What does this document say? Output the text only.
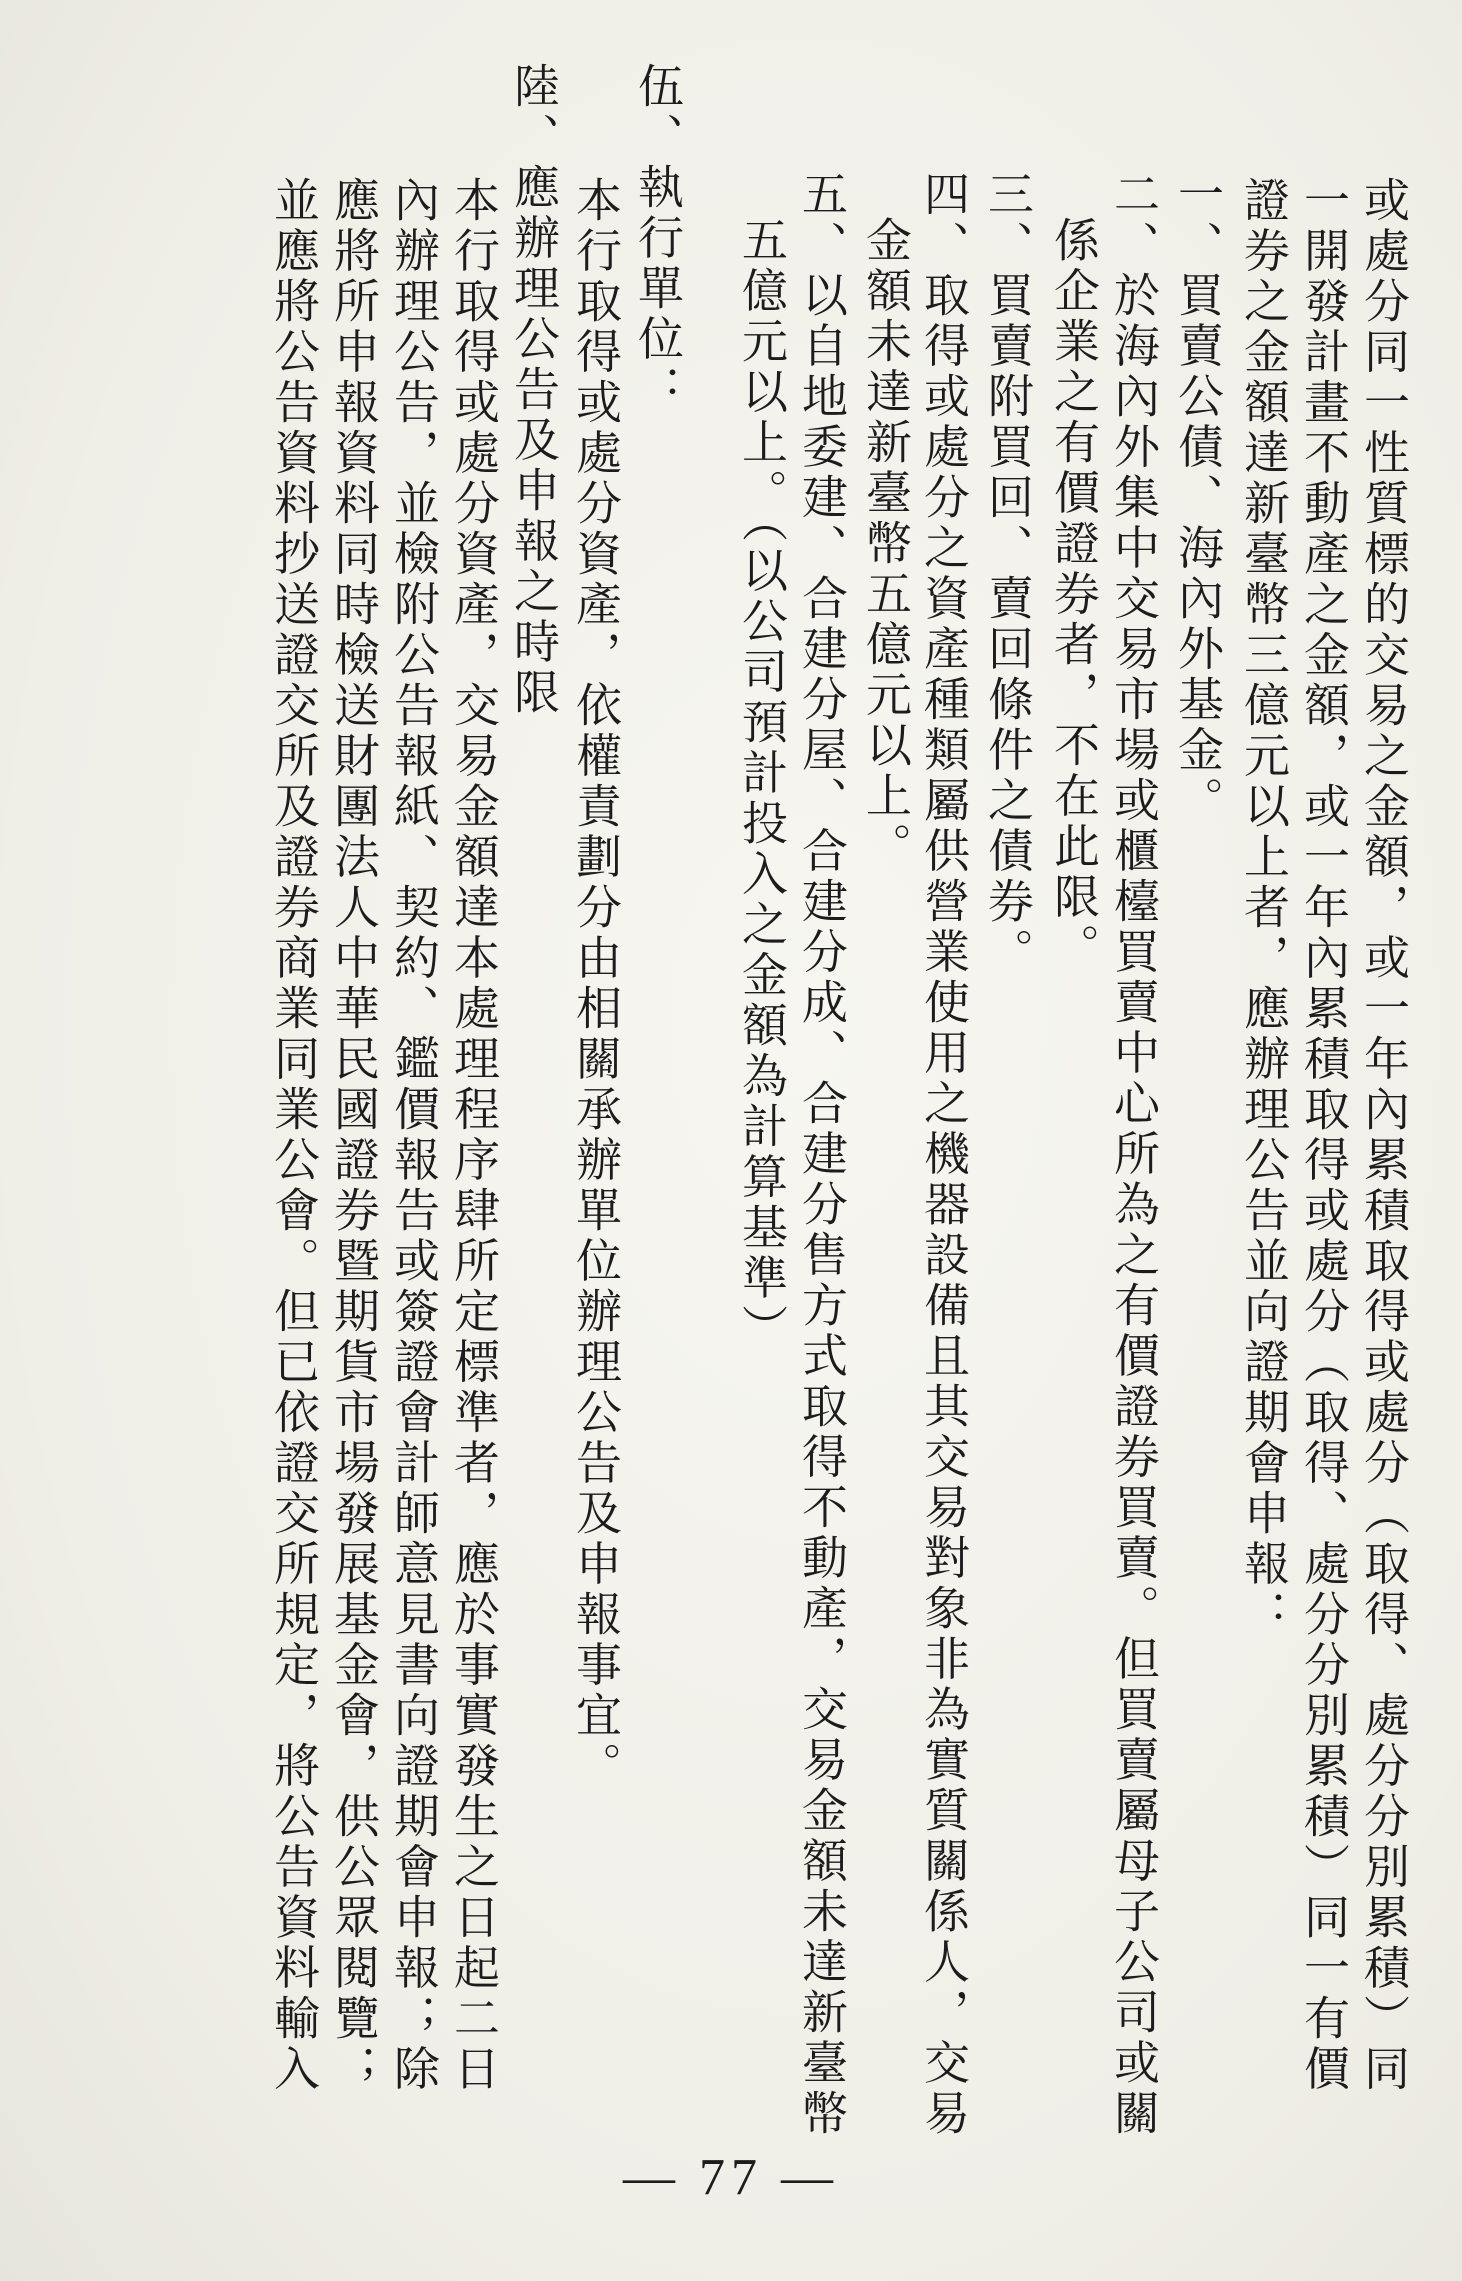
或處分同一性質標的交易之金額，或一年內累積取得或處分（取得、處分分別累積）同
一開發計畫不動產之金額，或一年內累積取得或處分（取得、處分分別累積）同一有價
證券之金額達新臺幣三億元以上者，應辦理公告並向證期會申報：
一、買賣公債、海內外基金。
二、於海內外集中交易市場或櫃檯買賣中心所為之有價證券買賣。但買賣屬母子公司或關
係企業之有價證券者，不在此限。
三、買賣附買回、賣回條件之債券。
四、取得或處分之資產種類屬供營業使用之機器設備且其交易對象非為實質關係人，交易
金額未達新臺幣五億元以上。
五、以自地委建、合建分屋、合建分成、合建分售方式取得不動產，交易金額未達新臺幣
五億元以上。（以公司預計投入之金額為計算基準）
伍、執行單位：
本行取得或處分資產，依權責劃分由相關承辦單位辦理公告及申報事宜。
陸、應辦理公告及申報之時限
本行取得或處分資產，交易金額達本處理程序肆所定標準者，應於事實發生之日起二日
內辦理公告，並檢附公告報紙、契約、鑑價報告或簽證會計師意見書向證期會申報；除
應將所申報資料同時檢送財團法人中華民國證券暨期貨市場發展基金會，供公眾閱覽；
並應將公告資料抄送證交所及證券商業同業公會。但已依證交所規定，將公告資料輸入
— 77 —
